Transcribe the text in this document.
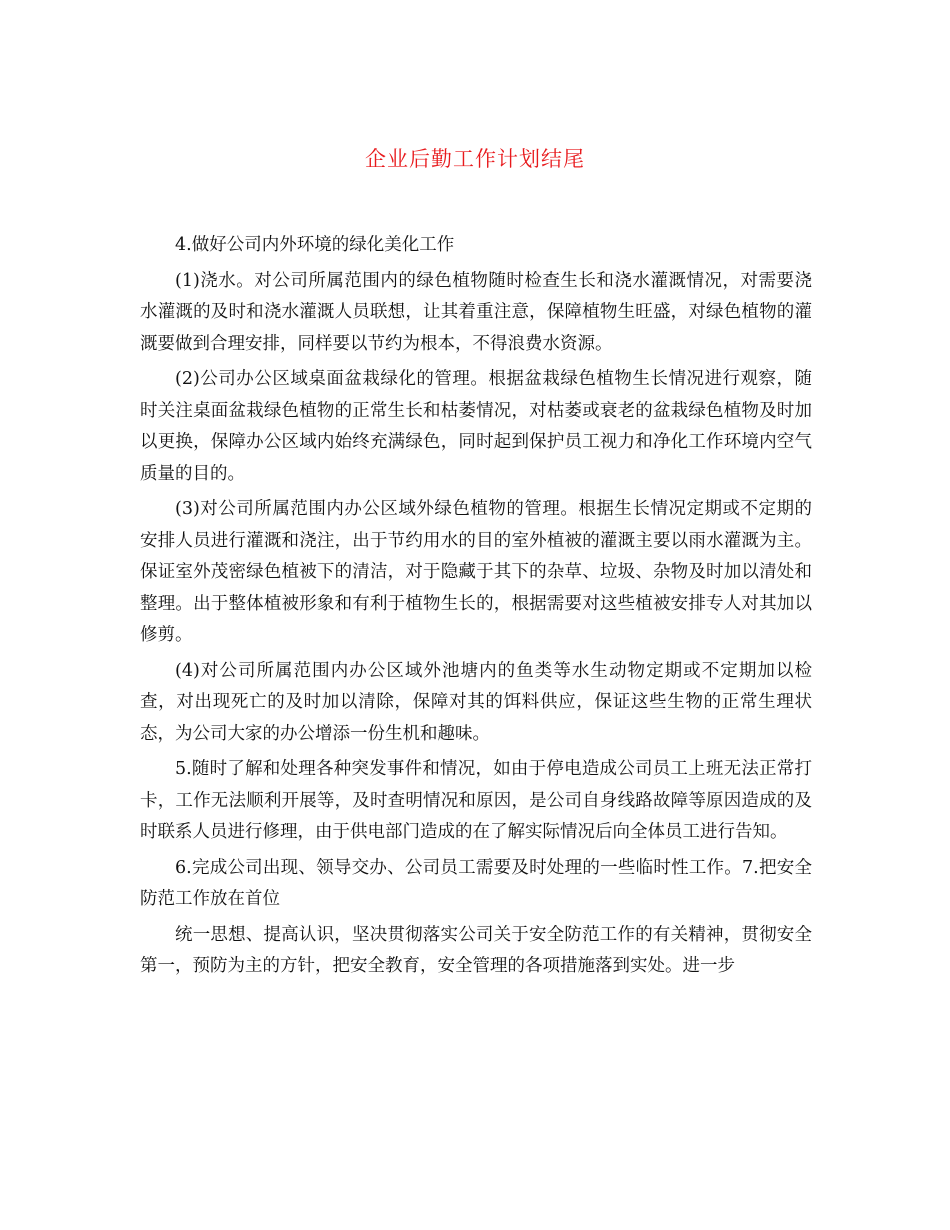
企业后勤工作计划结尾

4.做好公司内外环境的绿化美化工作

(1)浇水。对公司所属范围内的绿色植物随时检查生长和浇水灌溉情况，对需要浇水灌溉的及时和浇水灌溉人员联想，让其着重注意，保障植物生旺盛，对绿色植物的灌溉要做到合理安排，同样要以节约为根本，不得浪费水资源。

(2)公司办公区域桌面盆栽绿化的管理。根据盆栽绿色植物生长情况进行观察，随时关注桌面盆栽绿色植物的正常生长和枯萎情况，对枯萎或衰老的盆栽绿色植物及时加以更换，保障办公区域内始终充满绿色，同时起到保护员工视力和净化工作环境内空气质量的目的。

(3)对公司所属范围内办公区域外绿色植物的管理。根据生长情况定期或不定期的安排人员进行灌溉和浇注，出于节约用水的目的室外植被的灌溉主要以雨水灌溉为主。保证室外茂密绿色植被下的清洁，对于隐藏于其下的杂草、垃圾、杂物及时加以清处和整理。出于整体植被形象和有利于植物生长的，根据需要对这些植被安排专人对其加以修剪。

(4)对公司所属范围内办公区域外池塘内的鱼类等水生动物定期或不定期加以检查，对出现死亡的及时加以清除，保障对其的饵料供应，保证这些生物的正常生理状态，为公司大家的办公增添一份生机和趣味。

5.随时了解和处理各种突发事件和情况，如由于停电造成公司员工上班无法正常打卡，工作无法顺利开展等，及时查明情况和原因，是公司自身线路故障等原因造成的及时联系人员进行修理，由于供电部门造成的在了解实际情况后向全体员工进行告知。

6.完成公司出现、领导交办、公司员工需要及时处理的一些临时性工作。7.把安全防范工作放在首位

统一思想、提高认识，坚决贯彻落实公司关于安全防范工作的有关精神，贯彻安全第一，预防为主的方针，把安全教育，安全管理的各项措施落到实处。进一步
